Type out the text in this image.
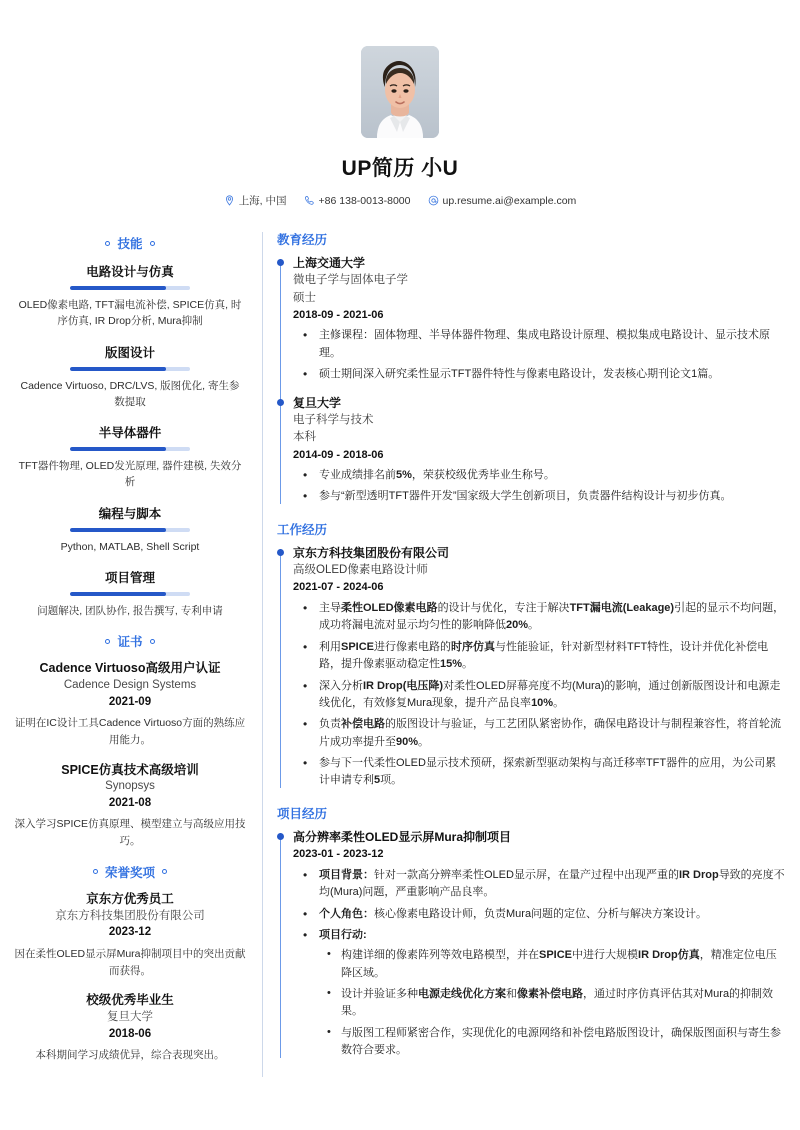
UP简历 小U
上海, 中国	+86 138-0013-8000	up.resume.ai@example.com
技能
电路设计与仿真
OLED像素电路, TFT漏电流补偿, SPICE仿真, 时序仿真, IR Drop分析, Mura抑制
版图设计
Cadence Virtuoso, DRC/LVS, 版图优化, 寄生参数提取
半导体器件
TFT器件物理, OLED发光原理, 器件建模, 失效分析
编程与脚本
Python, MATLAB, Shell Script
项目管理
问题解决, 团队协作, 报告撰写, 专利申请
证书
Cadence Virtuoso高级用户认证
Cadence Design Systems
2021-09
证明在IC设计工具Cadence Virtuoso方面的熟练应用能力。
SPICE仿真技术高级培训
Synopsys
2021-08
深入学习SPICE仿真原理、模型建立与高级应用技巧。
荣誉奖项
京东方优秀员工
京东方科技集团股份有限公司
2023-12
因在柔性OLED显示屏Mura抑制项目中的突出贡献而获得。
校级优秀毕业生
复旦大学
2018-06
本科期间学习成绩优异，综合表现突出。
教育经历
上海交通大学
微电子学与固体电子学
硕士
2018-09 - 2021-06
• 主修课程：固体物理、半导体器件物理、集成电路设计原理、模拟集成电路设计、显示技术原理。
• 硕士期间深入研究柔性显示TFT器件特性与像素电路设计，发表核心期刊论文1篇。
复旦大学
电子科学与技术
本科
2014-09 - 2018-06
• 专业成绩排名前5%，荣获校级优秀毕业生称号。
• 参与“新型透明TFT器件开发”国家级大学生创新项目，负责器件结构设计与初步仿真。
工作经历
京东方科技集团股份有限公司
高级OLED像素电路设计师
2021-07 - 2024-06
• 主导柔性OLED像素电路的设计与优化，专注于解决TFT漏电流(Leakage)引起的显示不均问题，成功将漏电流对显示均匀性的影响降低20%。
• 利用SPICE进行像素电路的时序仿真与性能验证，针对新型材料TFT特性，设计并优化补偿电路，提升像素驱动稳定性15%。
• 深入分析IR Drop(电压降)对柔性OLED屏幕亮度不均(Mura)的影响，通过创新版图设计和电源走线优化，有效修复Mura现象，提升产品良率10%。
• 负责补偿电路的版图设计与验证，与工艺团队紧密协作，确保电路设计与制程兼容性，将首轮流片成功率提升至90%。
• 参与下一代柔性OLED显示技术预研，探索新型驱动架构与高迁移率TFT器件的应用，为公司累计申请专利5项。
项目经历
高分辨率柔性OLED显示屏Mura抑制项目
2023-01 - 2023-12
• 项目背景：针对一款高分辨率柔性OLED显示屏，在量产过程中出现严重的IR Drop导致的亮度不均(Mura)问题，严重影响产品良率。
• 个人角色：核心像素电路设计师，负责Mura问题的定位、分析与解决方案设计。
• 项目行动:
• 构建详细的像素阵列等效电路模型，并在SPICE中进行大规模IR Drop仿真，精准定位电压降区域。
• 设计并验证多种电源走线优化方案和像素补偿电路，通过时序仿真评估其对Mura的抑制效果。
• 与版图工程师紧密合作，实现优化的电源网络和补偿电路版图设计，确保版图面积与寄生参数符合要求。
